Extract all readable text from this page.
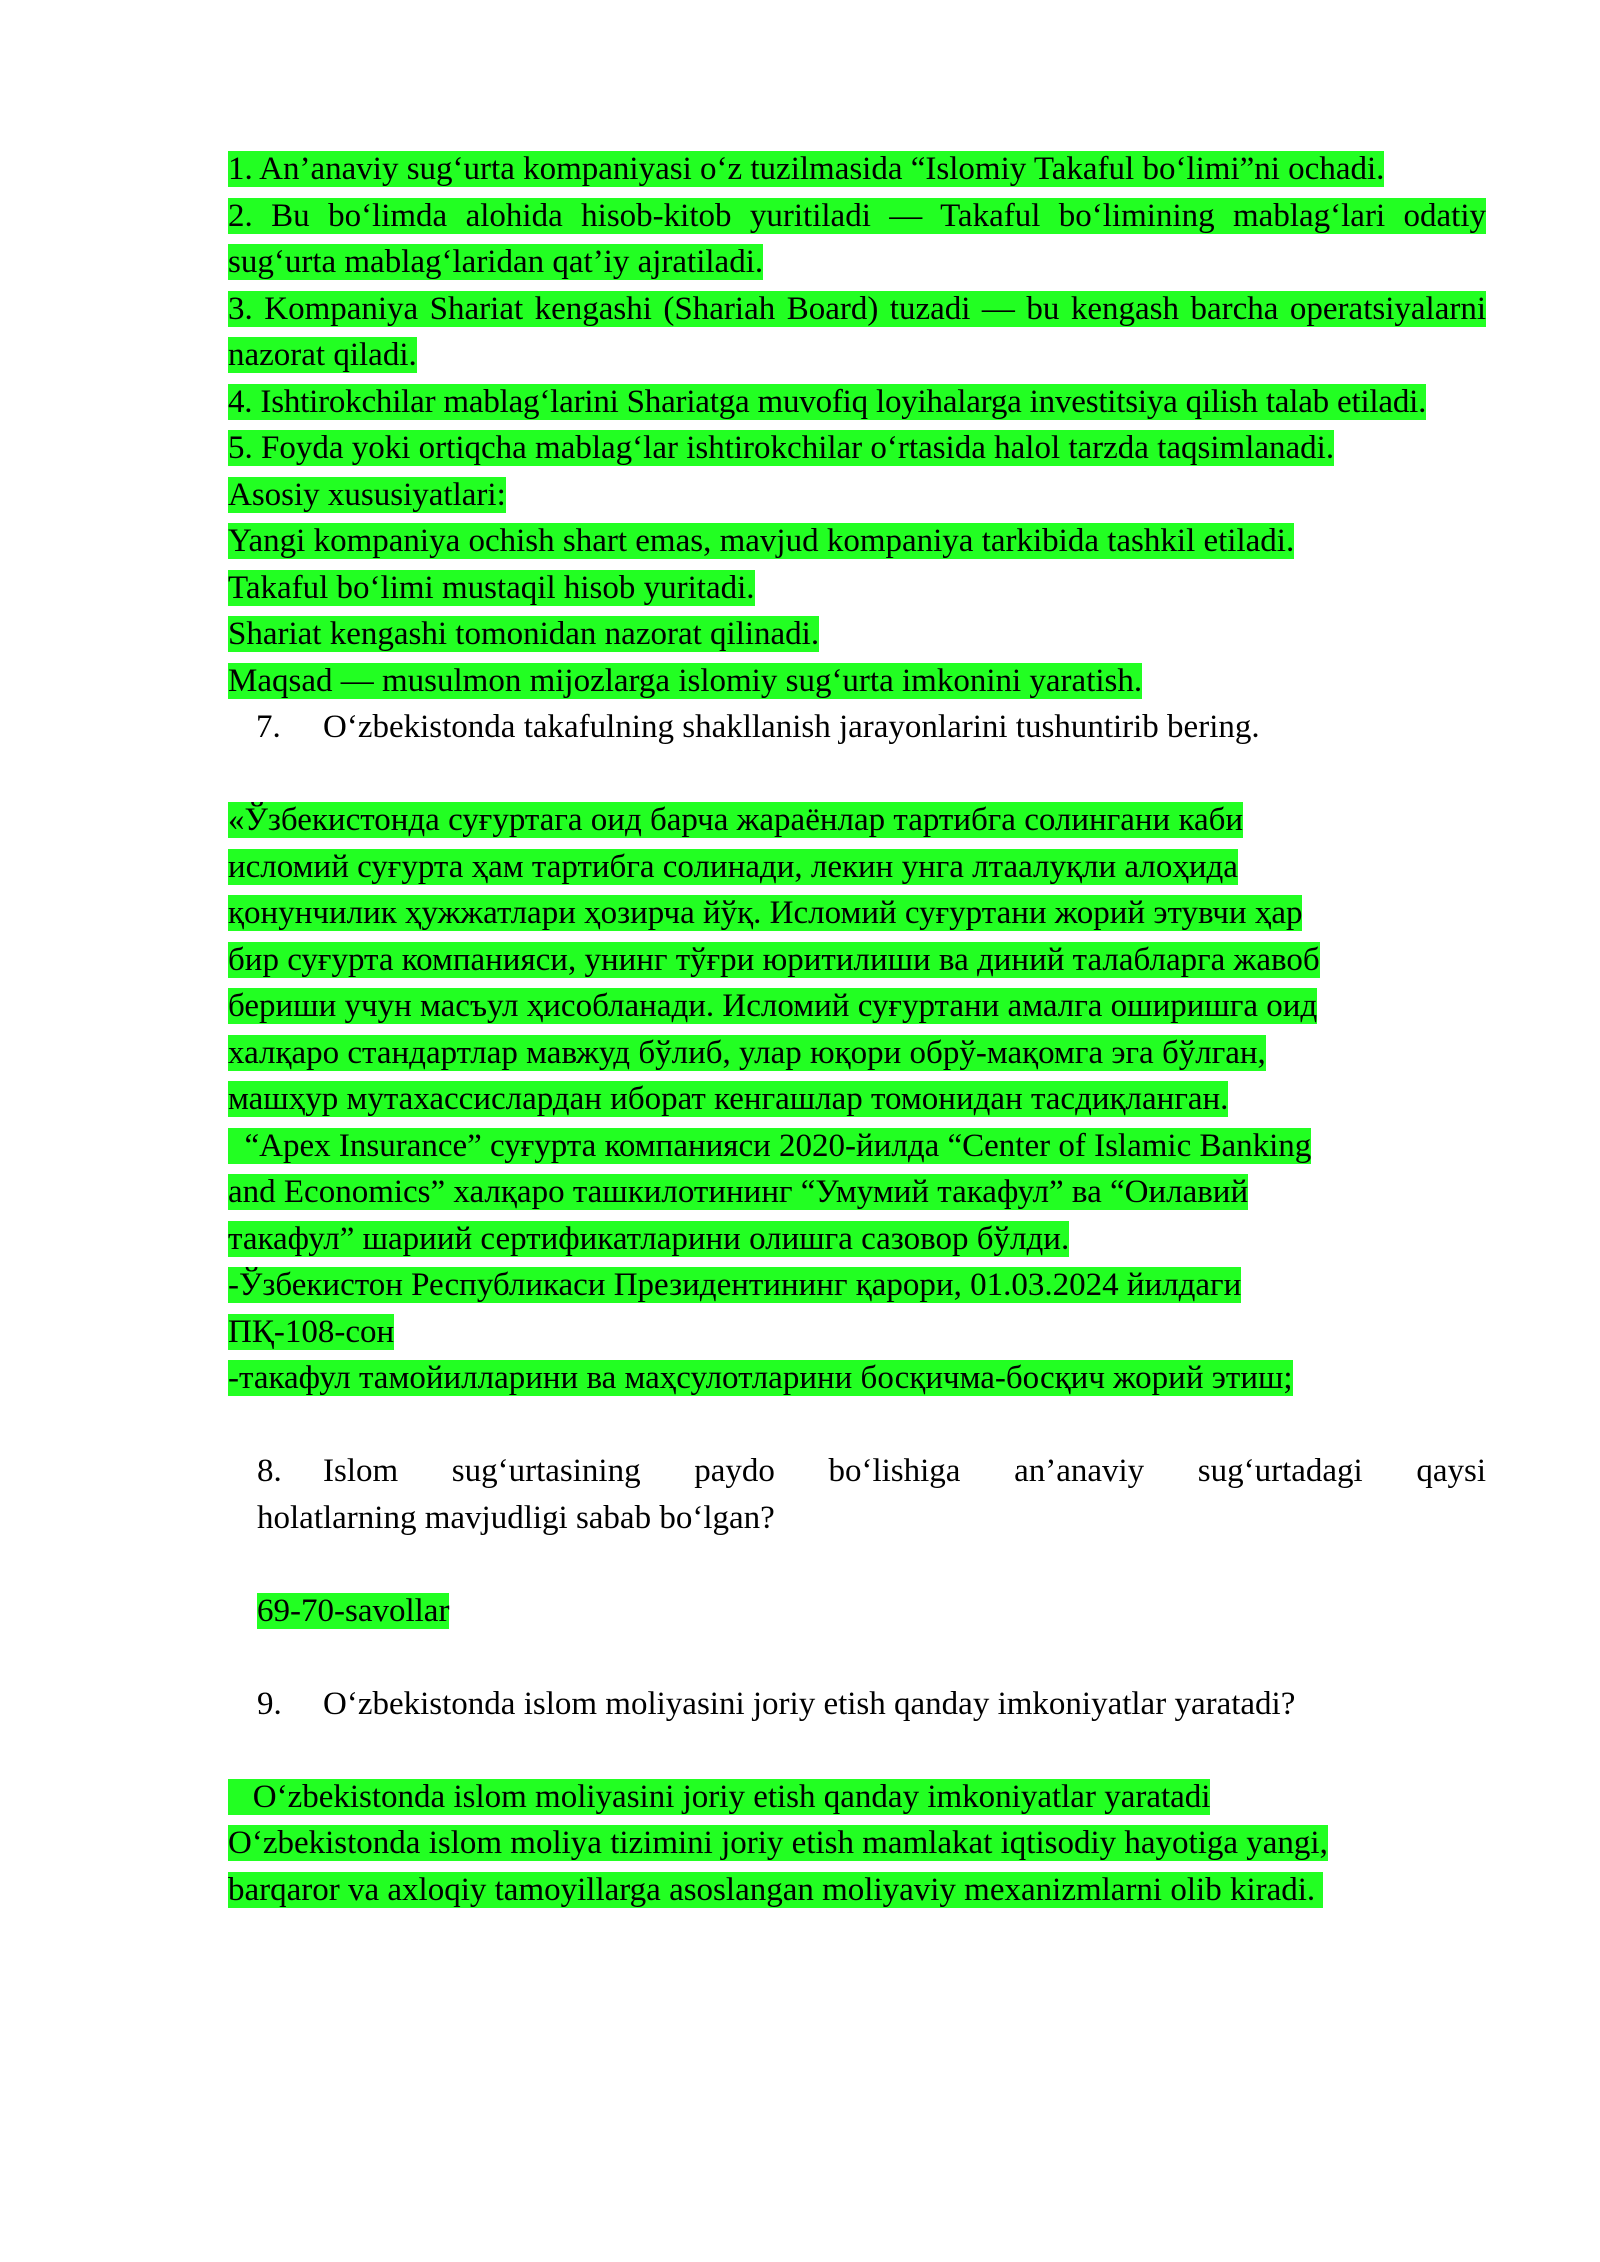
1. An’anaviy sug‘urta kompaniyasi o‘z tuzilmasida “Islomiy Takaful bo‘limi”ni ochadi.

2. Bu bo‘limda alohida hisob-kitob yuritiladi — Takaful bo‘limining mablag‘lari odatiy sug‘urta mablag‘laridan qat’iy ajratiladi.

3. Kompaniya Shariat kengashi (Shariah Board) tuzadi — bu kengash barcha operatsiyalarni nazorat qiladi.

4. Ishtirokchilar mablag‘larini Shariatga muvofiq loyihalarga investitsiya qilish talab etiladi.

5. Foyda yoki ortiqcha mablag‘lar ishtirokchilar o‘rtasida halol tarzda taqsimlanadi.

Asosiy xususiyatlari:

Yangi kompaniya ochish shart emas, mavjud kompaniya tarkibida tashkil etiladi.

Takaful bo‘limi mustaqil hisob yuritadi.

Shariat kengashi tomonidan nazorat qilinadi.

Maqsad — musulmon mijozlarga islomiy sug‘urta imkonini yaratish.

7.	O‘zbekistonda takafulning shakllanish jarayonlarini tushuntirib bering.

«Ўзбекистонда суғуртага оид барча жараёнлар тартибга солингани каби

исломий суғурта ҳам тартибга солинади, лекин унга лтаалуқли алоҳида

қонунчилик ҳужжатлари ҳозирча йўқ. Исломий суғуртани жорий этувчи ҳар

бир суғурта компанияси, унинг тўғри юритилиши ва диний талабларга жавоб

бериши учун масъул ҳисобланади. Исломий суғуртани амалга оширишга оид

халқаро стандартлар мавжуд бўлиб, улар юқори обрў-мақомга эга бўлган,

машҳур мутахассислардан иборат кенгашлар томонидан тасдиқланган.

“Apex Insurance” суғурта компанияси 2020-йилда “Center of Islamic Banking

and Economics” халқаро ташкилотининг “Умумий такафул” ва “Оилавий

такафул” шариий сертификатларини олишга сазовор бўлди.

-Ўзбекистон Республикаси Президентининг қарори, 01.03.2024 йилдаги

ПҚ-108-сон

-такафул тамойилларини ва маҳсулотларини босқичма-босқич жорий этиш;

8.	Islom sug‘urtasining paydo bo‘lishiga an’anaviy sug‘urtadagi qaysi

holatlarning mavjudligi sabab bo‘lgan?

69-70-savollar

9.	O‘zbekistonda islom moliyasini joriy etish qanday imkoniyatlar yaratadi?

O‘zbekistonda islom moliyasini joriy etish qanday imkoniyatlar yaratadi

O‘zbekistonda islom moliya tizimini joriy etish mamlakat iqtisodiy hayotiga yangi,

barqaror va axloqiy tamoyillarga asoslangan moliyaviy mexanizmlarni olib kiradi.
